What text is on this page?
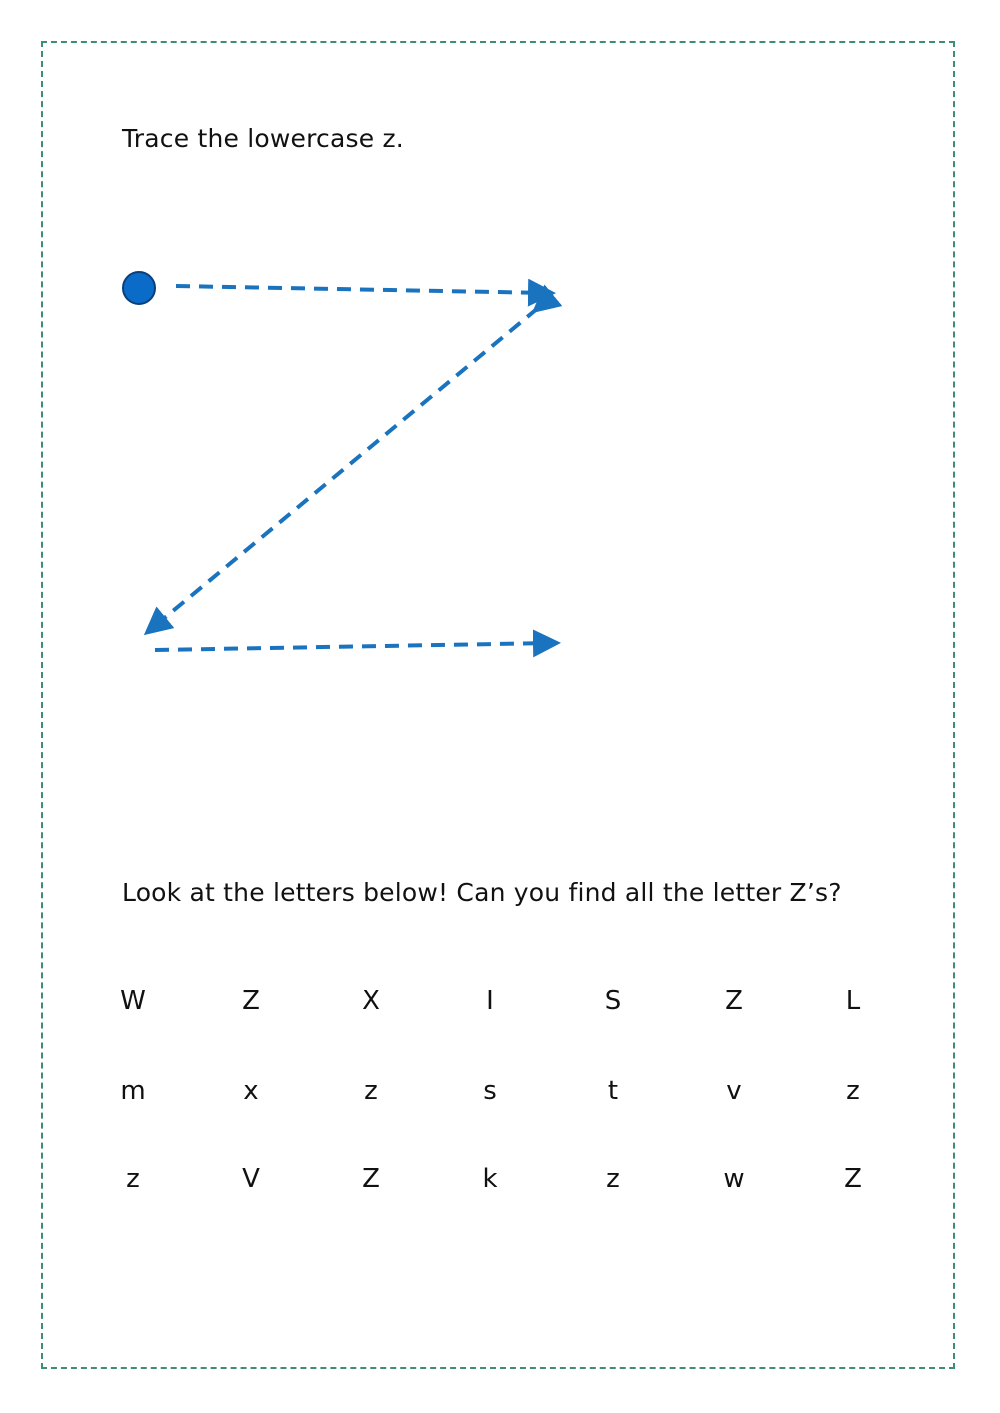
Trace the lowercase z.
Look at the letters below! Can you find all the letter Z’s?
W	Z	X	I	S	Z	L
m	x	z	s	t	v	z
z	V	Z	k	z	w	Z
